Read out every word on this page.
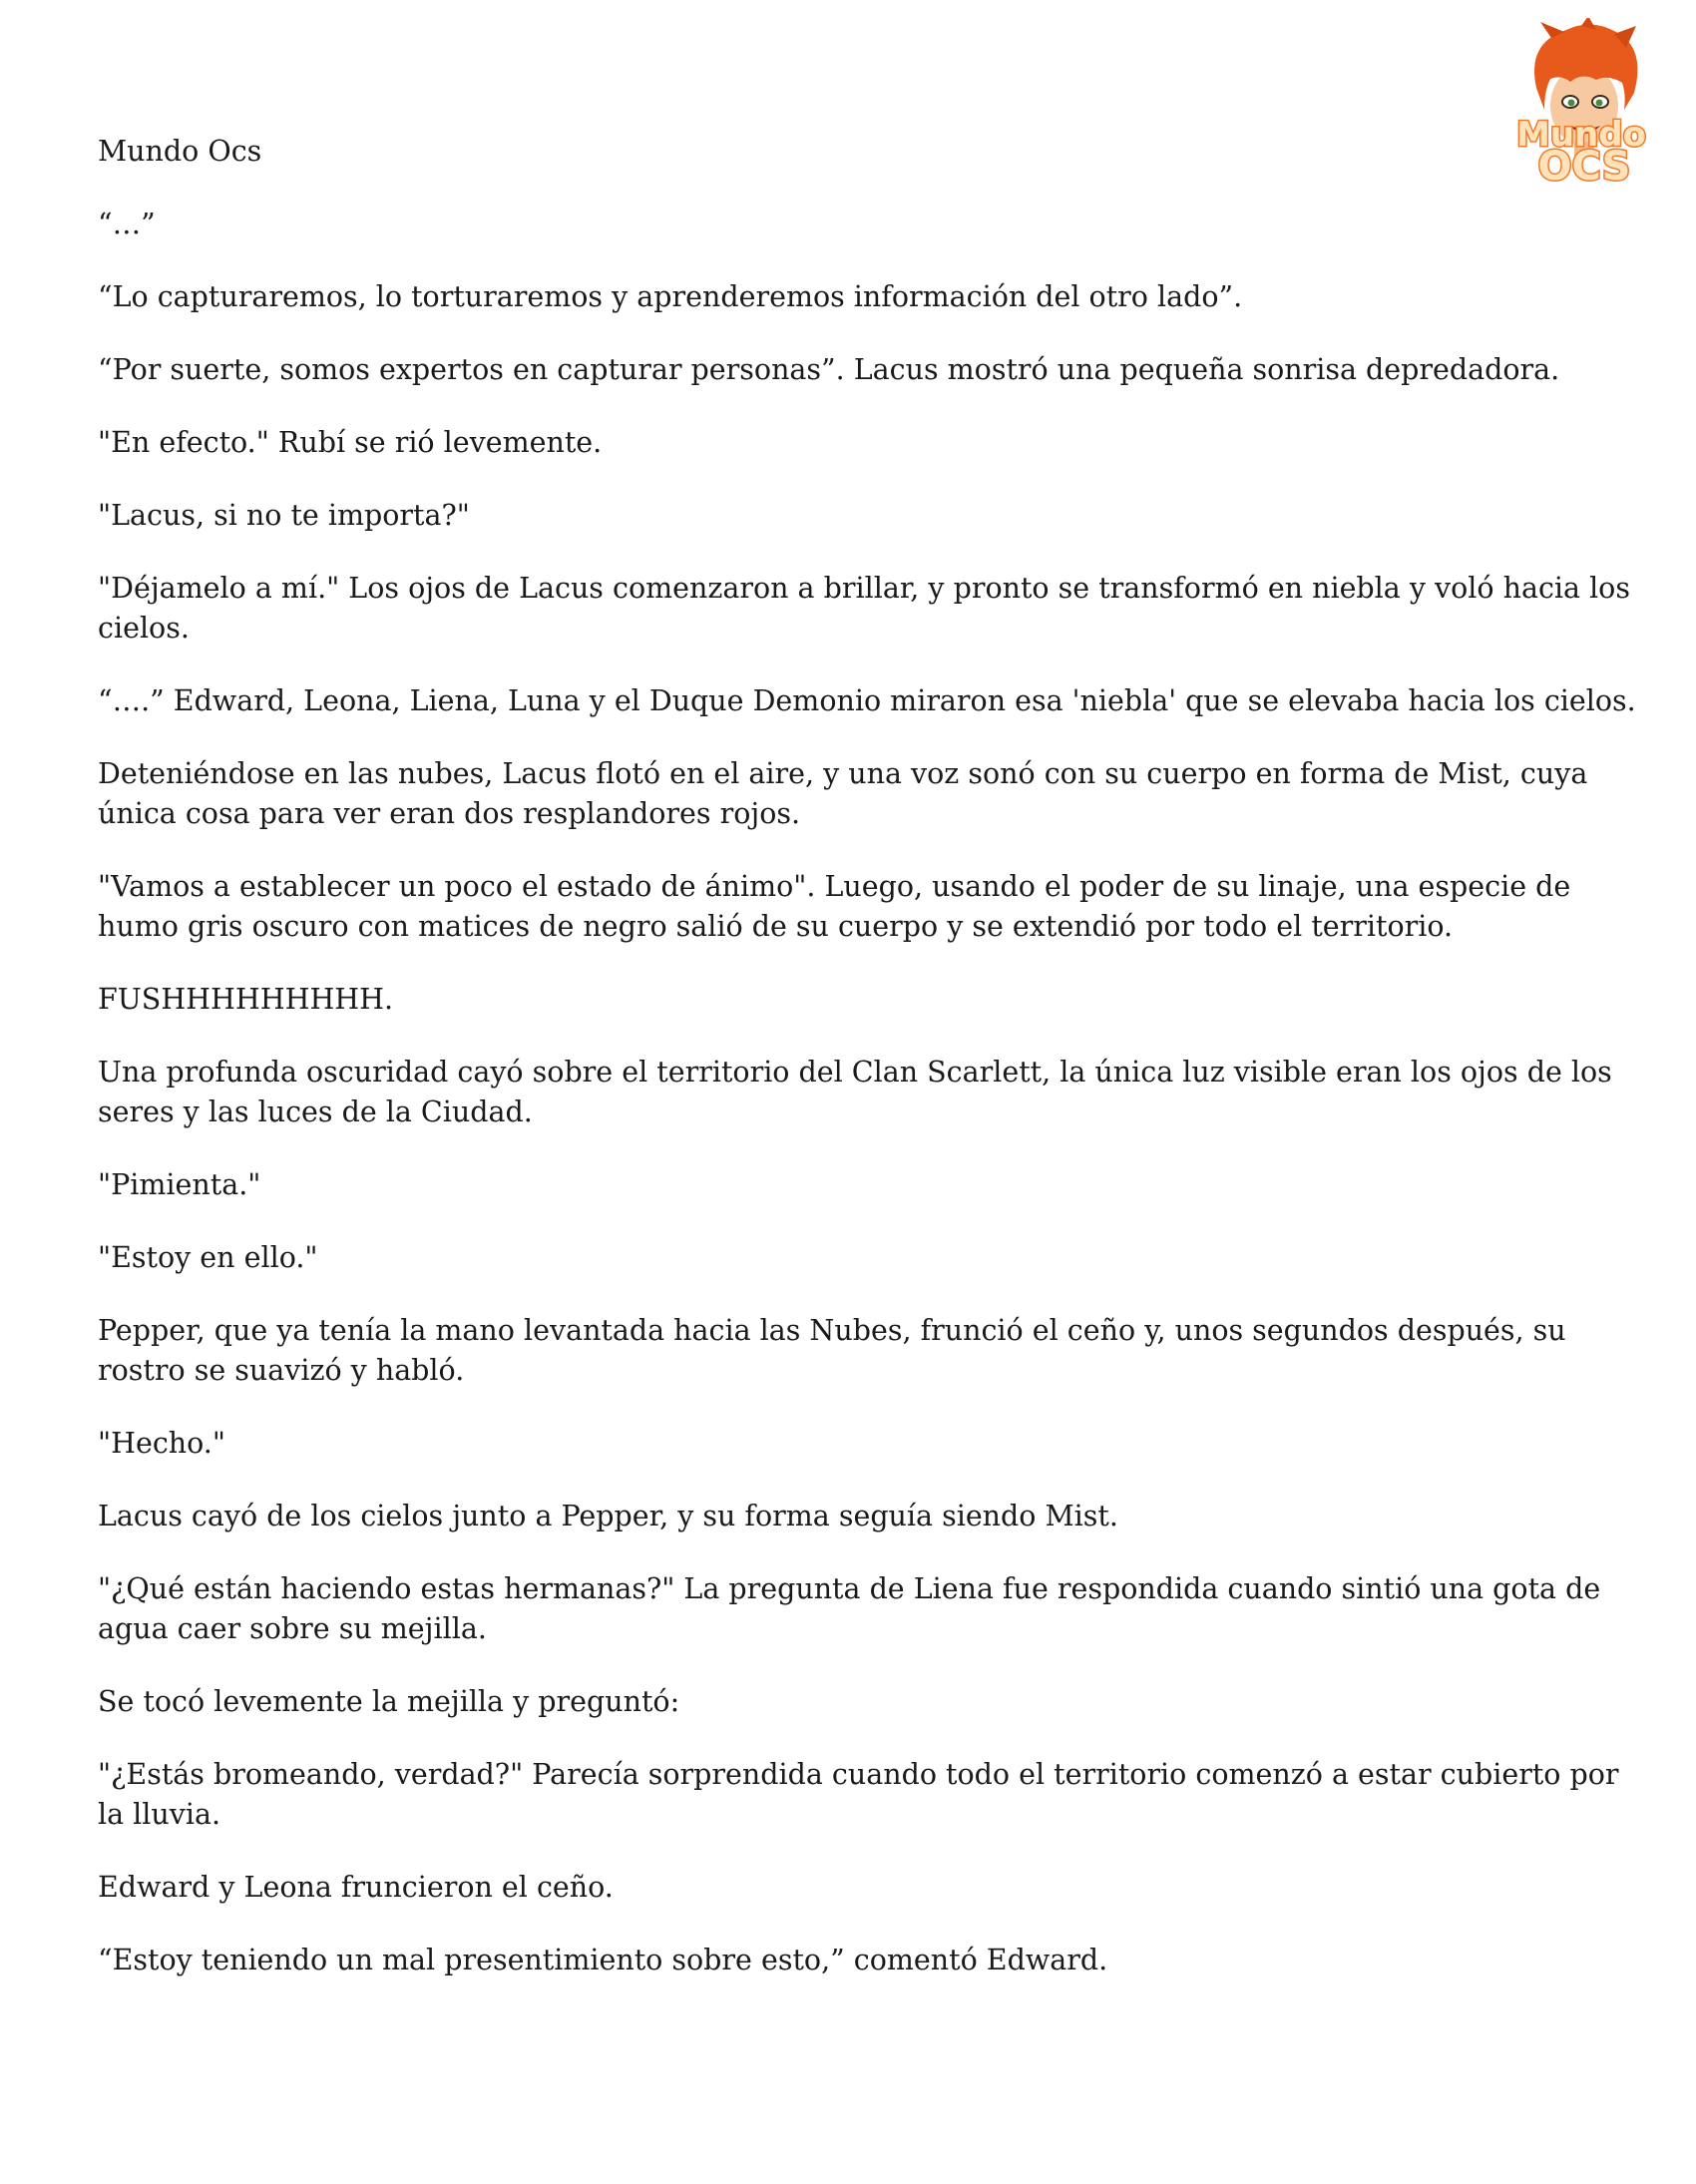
Mundo
OCS
Mundo Ocs

“…”

“Lo capturaremos, lo torturaremos y aprenderemos información del otro lado”.

“Por suerte, somos expertos en capturar personas”. Lacus mostró una pequeña sonrisa depredadora.

"En efecto." Rubí se rió levemente.

"Lacus, si no te importa?"

"Déjamelo a mí." Los ojos de Lacus comenzaron a brillar, y pronto se transformó en niebla y voló hacia los cielos.

“….” Edward, Leona, Liena, Luna y el Duque Demonio miraron esa 'niebla' que se elevaba hacia los cielos.

Deteniéndose en las nubes, Lacus flotó en el aire, y una voz sonó con su cuerpo en forma de Mist, cuya única cosa para ver eran dos resplandores rojos.

"Vamos a establecer un poco el estado de ánimo". Luego, usando el poder de su linaje, una especie de humo gris oscuro con matices de negro salió de su cuerpo y se extendió por todo el territorio.

FUSHHHHHHHHH.

Una profunda oscuridad cayó sobre el territorio del Clan Scarlett, la única luz visible eran los ojos de los seres y las luces de la Ciudad.

"Pimienta."

"Estoy en ello."

Pepper, que ya tenía la mano levantada hacia las Nubes, frunció el ceño y, unos segundos después, su rostro se suavizó y habló.

"Hecho."

Lacus cayó de los cielos junto a Pepper, y su forma seguía siendo Mist.

"¿Qué están haciendo estas hermanas?" La pregunta de Liena fue respondida cuando sintió una gota de agua caer sobre su mejilla.

Se tocó levemente la mejilla y preguntó:

"¿Estás bromeando, verdad?" Parecía sorprendida cuando todo el territorio comenzó a estar cubierto por la lluvia.

Edward y Leona fruncieron el ceño.

“Estoy teniendo un mal presentimiento sobre esto,” comentó Edward.
